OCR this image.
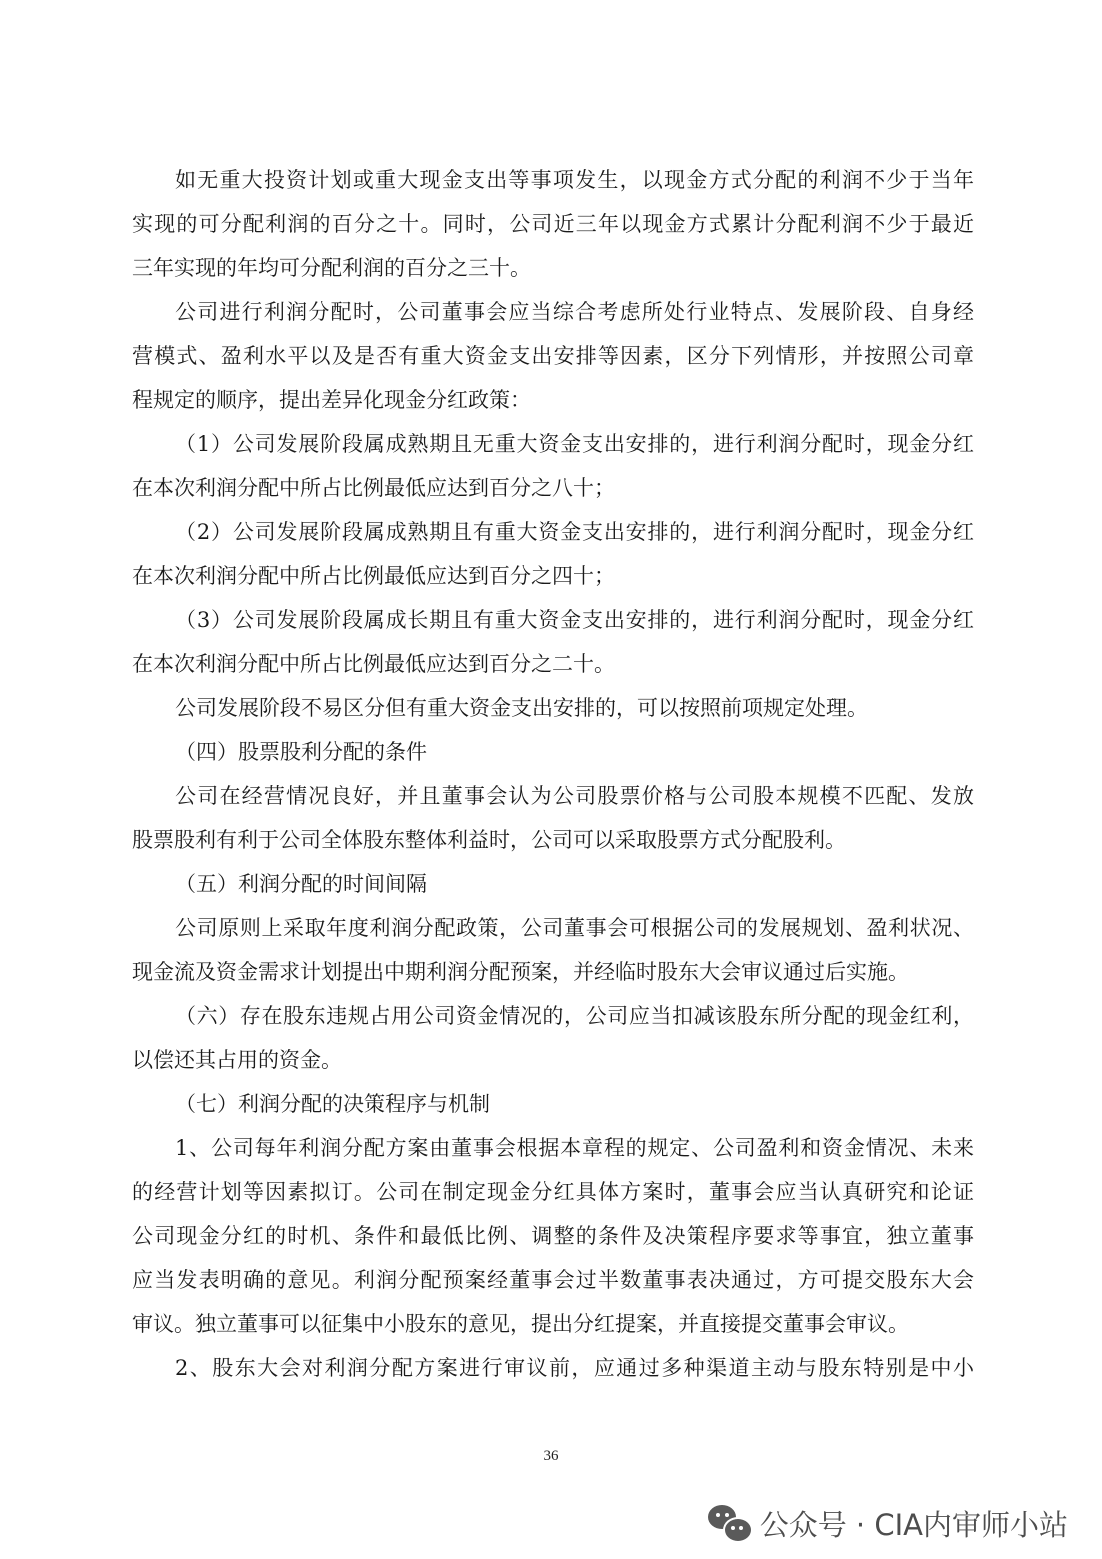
如无重大投资计划或重大现金支出等事项发生，以现金方式分配的利润不少于当年
实现的可分配利润的百分之十。同时，公司近三年以现金方式累计分配利润不少于最近
三年实现的年均可分配利润的百分之三十。
公司进行利润分配时，公司董事会应当综合考虑所处行业特点、发展阶段、自身经
营模式、盈利水平以及是否有重大资金支出安排等因素，区分下列情形，并按照公司章
程规定的顺序，提出差异化现金分红政策：
（1）公司发展阶段属成熟期且无重大资金支出安排的，进行利润分配时，现金分红
在本次利润分配中所占比例最低应达到百分之八十；
（2）公司发展阶段属成熟期且有重大资金支出安排的，进行利润分配时，现金分红
在本次利润分配中所占比例最低应达到百分之四十；
（3）公司发展阶段属成长期且有重大资金支出安排的，进行利润分配时，现金分红
在本次利润分配中所占比例最低应达到百分之二十。
公司发展阶段不易区分但有重大资金支出安排的，可以按照前项规定处理。
（四）股票股利分配的条件
公司在经营情况良好，并且董事会认为公司股票价格与公司股本规模不匹配、发放
股票股利有利于公司全体股东整体利益时，公司可以采取股票方式分配股利。
（五）利润分配的时间间隔
公司原则上采取年度利润分配政策，公司董事会可根据公司的发展规划、盈利状况、
现金流及资金需求计划提出中期利润分配预案，并经临时股东大会审议通过后实施。
（六）存在股东违规占用公司资金情况的，公司应当扣减该股东所分配的现金红利，
以偿还其占用的资金。
（七）利润分配的决策程序与机制
1、公司每年利润分配方案由董事会根据本章程的规定、公司盈利和资金情况、未来
的经营计划等因素拟订。公司在制定现金分红具体方案时，董事会应当认真研究和论证
公司现金分红的时机、条件和最低比例、调整的条件及决策程序要求等事宜，独立董事
应当发表明确的意见。利润分配预案经董事会过半数董事表决通过，方可提交股东大会
审议。独立董事可以征集中小股东的意见，提出分红提案，并直接提交董事会审议。
2、股东大会对利润分配方案进行审议前，应通过多种渠道主动与股东特别是中小
36
公众号 · CIA内审师小站
